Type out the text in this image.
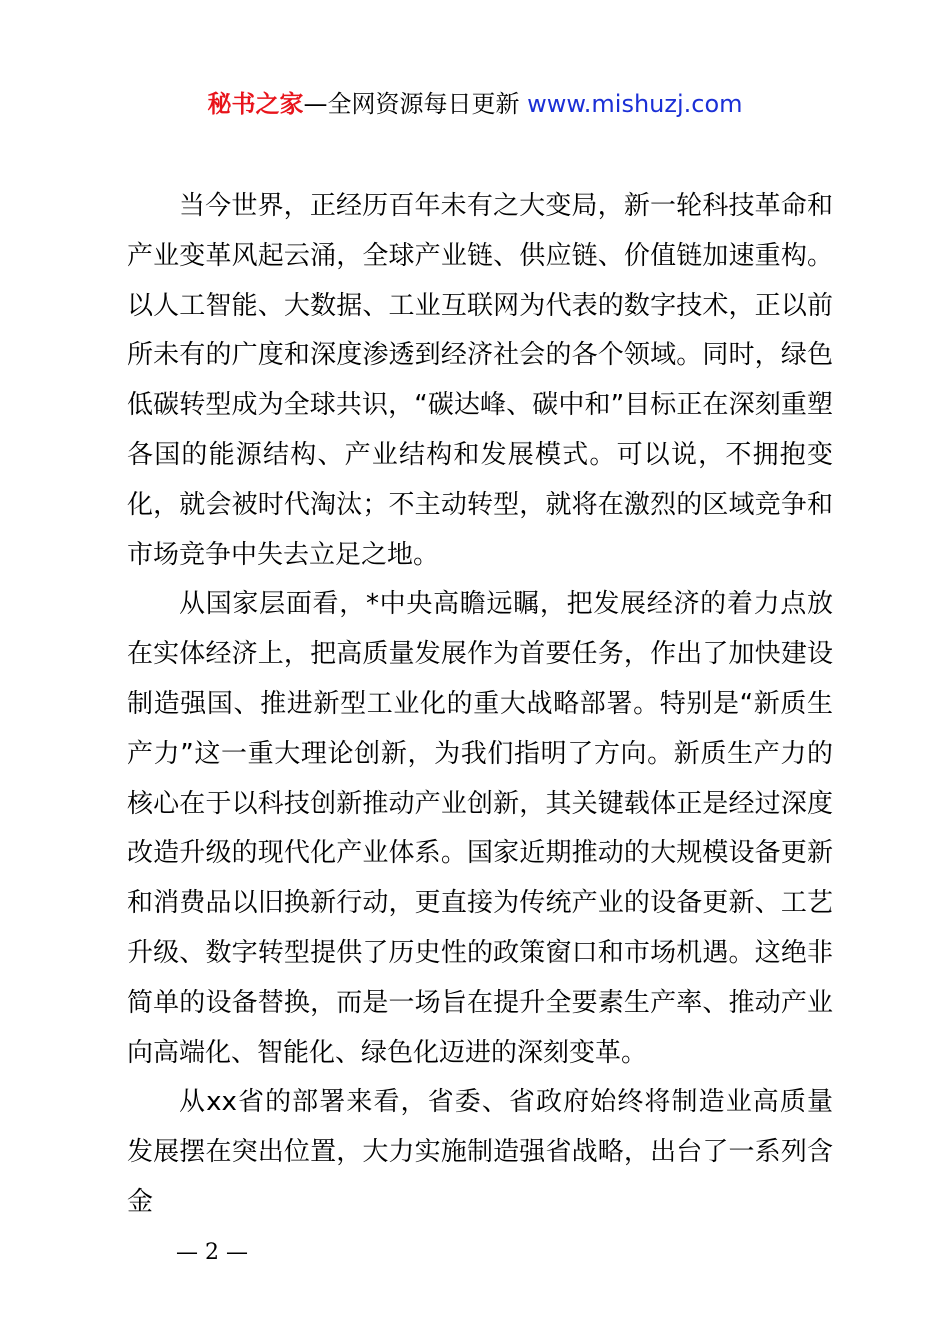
秘书之家—全网资源每日更新 www.mishuzj.com

当今世界，正经历百年未有之大变局，新一轮科技革命和产业变革风起云涌，全球产业链、供应链、价值链加速重构。以人工智能、大数据、工业互联网为代表的数字技术，正以前所未有的广度和深度渗透到经济社会的各个领域。同时，绿色低碳转型成为全球共识，“碳达峰、碳中和”目标正在深刻重塑各国的能源结构、产业结构和发展模式。可以说，不拥抱变化，就会被时代淘汰；不主动转型，就将在激烈的区域竞争和市场竞争中失去立足之地。

从国家层面看，*中央高瞻远瞩，把发展经济的着力点放在实体经济上，把高质量发展作为首要任务，作出了加快建设制造强国、推进新型工业化的重大战略部署。特别是“新质生产力”这一重大理论创新，为我们指明了方向。新质生产力的核心在于以科技创新推动产业创新，其关键载体正是经过深度改造升级的现代化产业体系。国家近期推动的大规模设备更新和消费品以旧换新行动，更直接为传统产业的设备更新、工艺升级、数字转型提供了历史性的政策窗口和市场机遇。这绝非简单的设备替换，而是一场旨在提升全要素生产率、推动产业向高端化、智能化、绿色化迈进的深刻变革。

从xx省的部署来看，省委、省政府始终将制造业高质量发展摆在突出位置，大力实施制造强省战略，出台了一系列含金

— 2 —
